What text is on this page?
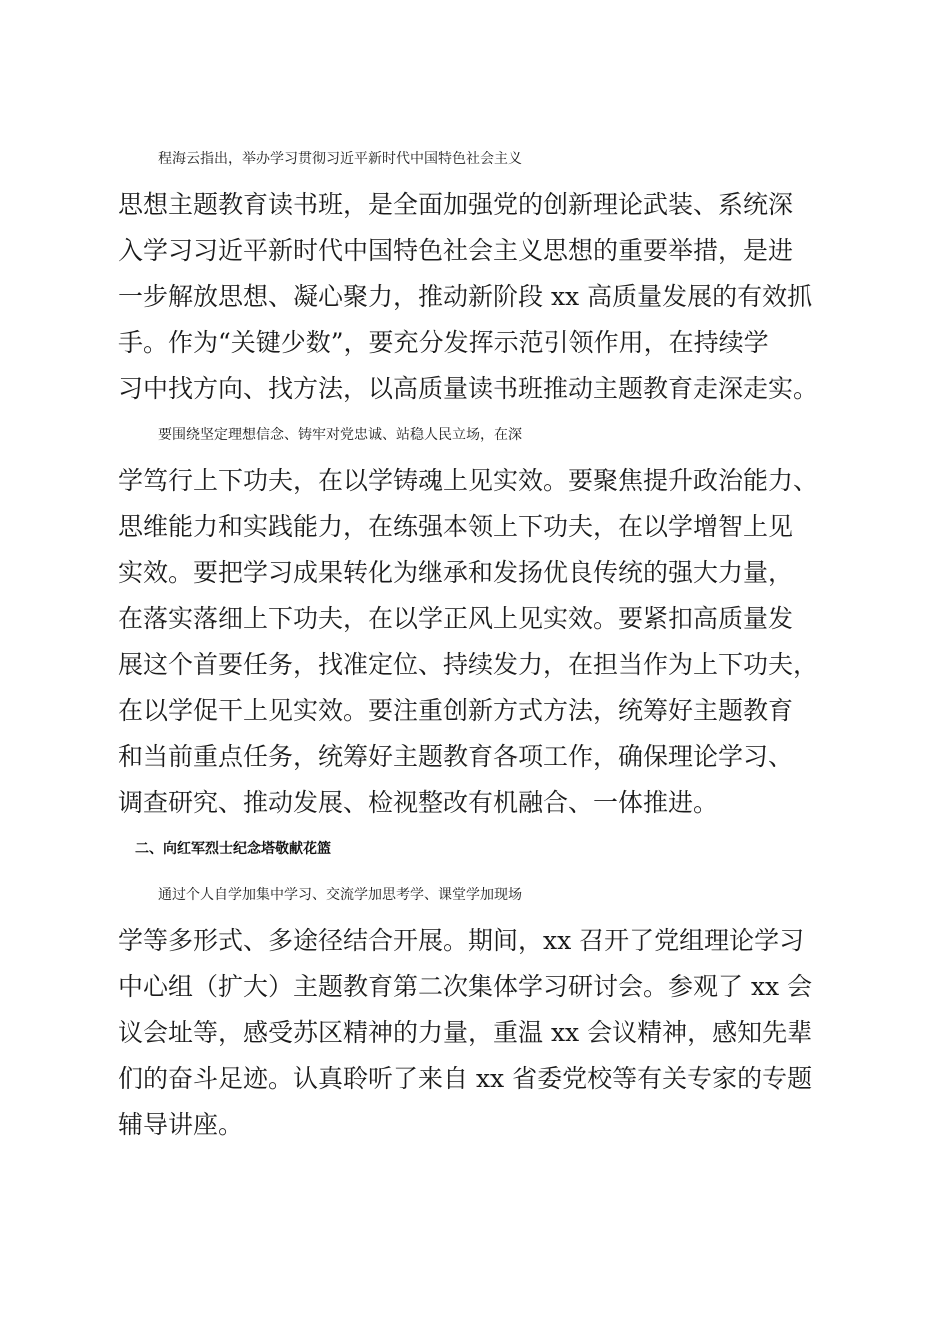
程海云指出，举办学习贯彻习近平新时代中国特色社会主义
思想主题教育读书班，是全面加强党的创新理论武装、系统深
入学习习近平新时代中国特色社会主义思想的重要举措，是进
一步解放思想、凝心聚力，推动新阶段 xx 高质量发展的有效抓
手。作为“关键少数”，要充分发挥示范引领作用，在持续学
习中找方向、找方法，以高质量读书班推动主题教育走深走实。
要围绕坚定理想信念、铸牢对党忠诚、站稳人民立场，在深
学笃行上下功夫，在以学铸魂上见实效。要聚焦提升政治能力、
思维能力和实践能力，在练强本领上下功夫，在以学增智上见
实效。要把学习成果转化为继承和发扬优良传统的强大力量，
在落实落细上下功夫，在以学正风上见实效。要紧扣高质量发
展这个首要任务，找准定位、持续发力，在担当作为上下功夫，
在以学促干上见实效。要注重创新方式方法，统筹好主题教育
和当前重点任务，统筹好主题教育各项工作，确保理论学习、
调查研究、推动发展、检视整改有机融合、一体推进。
二、向红军烈士纪念塔敬献花篮
通过个人自学加集中学习、交流学加思考学、课堂学加现场
学等多形式、多途径结合开展。期间，xx 召开了党组理论学习
中心组（扩大）主题教育第二次集体学习研讨会。参观了 xx 会
议会址等，感受苏区精神的力量，重温 xx 会议精神，感知先辈
们的奋斗足迹。认真聆听了来自 xx 省委党校等有关专家的专题
辅导讲座。
